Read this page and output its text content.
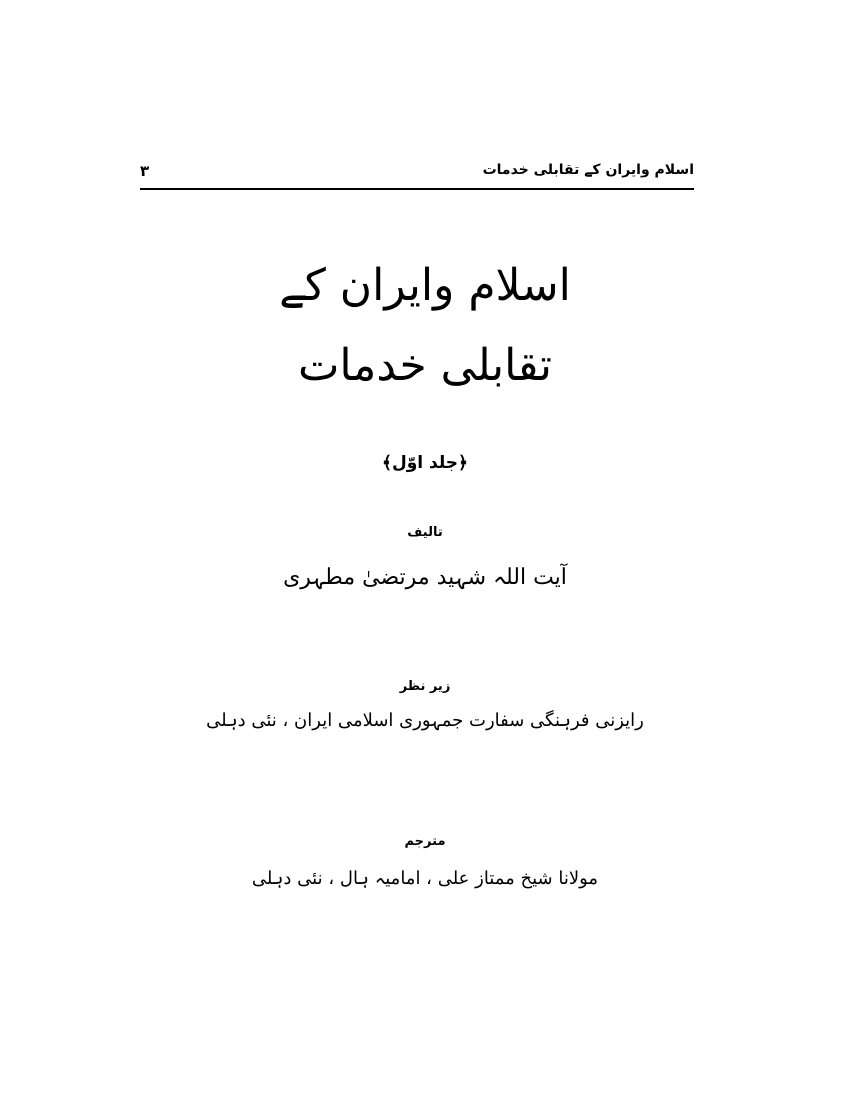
اسلام وایران کے تقابلی خدمات
۳
اسلام وایران کے
تقابلی خدمات
﴿جلد اوّل﴾
تالیف
آیت اللہ شہید مرتضیٰ مطہری
زیر نظر
رایزنی فرہنگی سفارت جمہوری اسلامی ایران ، نئی دہلی
مترجم
مولانا شیخ ممتاز علی ، امامیہ ہال ، نئی دہلی
